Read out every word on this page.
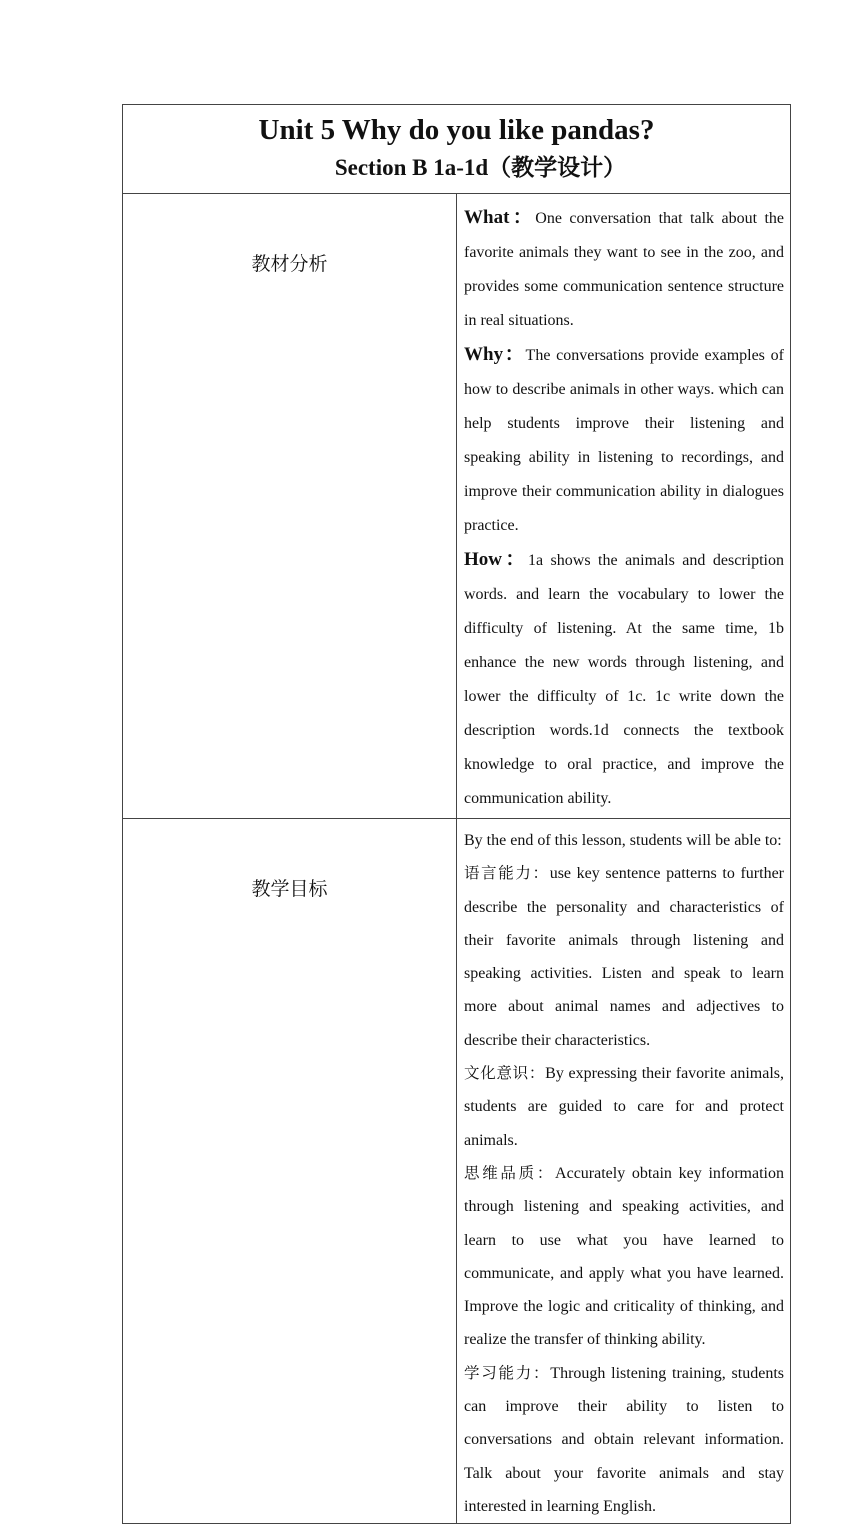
Unit 5 Why do you like pandas?
Section B 1a-1d（教学设计）	

教材分析	What：One conversation that talk about the favorite animals they want to see in the zoo, and provides some communication sentence structure in real situations.

Why：The conversations provide examples of how to describe animals in other ways. which can help students improve their listening and speaking ability in listening to recordings, and improve their communication ability in dialogues practice.

How：1a shows the animals and description words. and learn the vocabulary to lower the difficulty of listening. At the same time, 1b enhance the new words through listening, and lower the difficulty of 1c. 1c write down the description words.1d connects the textbook knowledge to oral practice, and improve the communication ability.

教学目标	By the end of this lesson, students will be able to:

语言能力：use key sentence patterns to further describe the personality and characteristics of their favorite animals through listening and speaking activities. Listen and speak to learn more about animal names and adjectives to describe their characteristics.

文化意识：By expressing their favorite animals, students are guided to care for and protect animals.

思维品质：Accurately obtain key information through listening and speaking activities, and learn to use what you have learned to communicate, and apply what you have learned. Improve the logic and criticality of thinking, and realize the transfer of thinking ability.

学习能力：Through listening training, students can improve their ability to listen to conversations and obtain relevant information. Talk about your favorite animals and stay interested in learning English.
